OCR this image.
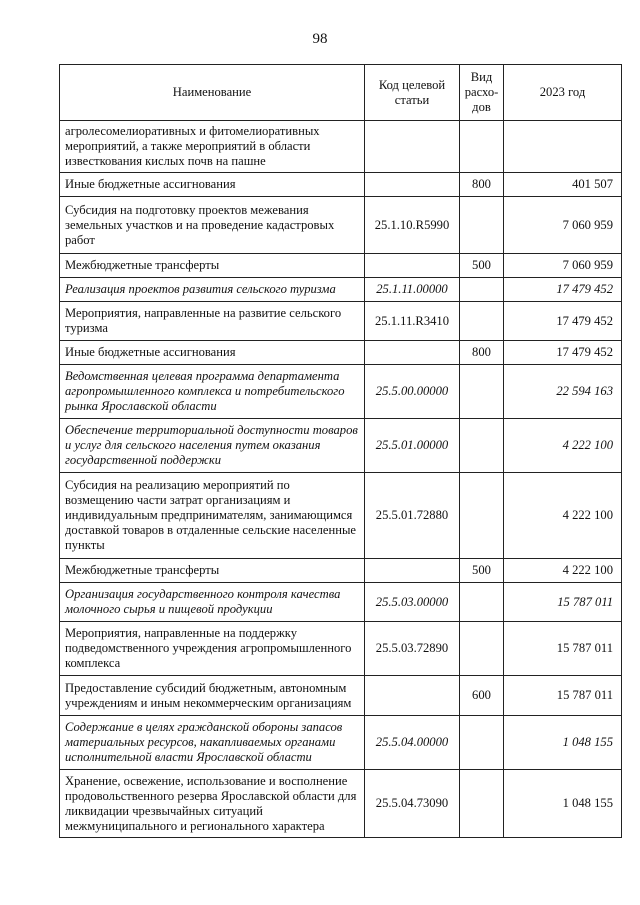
98
Наименование	Код целевой статьи	Вид расхо-дов	2023 год
агролесомелиоративных и фитомелиоративных мероприятий, а также мероприятий в области известкования кислых почв на пашне			
Иные бюджетные ассигнования		800	401 507
Субсидия на подготовку проектов межевания земельных участков и на проведение кадастровых работ	25.1.10.R5990		7 060 959
Межбюджетные трансферты		500	7 060 959
Реализация проектов развития сельского туризма	25.1.11.00000		17 479 452
Мероприятия, направленные на развитие сельского туризма	25.1.11.R3410		17 479 452
Иные бюджетные ассигнования		800	17 479 452
Ведомственная целевая программа департамента агропромышленного комплекса и потребительского рынка Ярославской области	25.5.00.00000		22 594 163
Обеспечение территориальной доступности товаров и услуг для сельского населения путем оказания государственной поддержки	25.5.01.00000		4 222 100
Субсидия на реализацию мероприятий по возмещению части затрат организациям и индивидуальным предпринимателям, занимающимся доставкой товаров в отдаленные сельские населенные пункты	25.5.01.72880		4 222 100
Межбюджетные трансферты		500	4 222 100
Организация государственного контроля качества молочного сырья и пищевой продукции	25.5.03.00000		15 787 011
Мероприятия, направленные на поддержку подведомственного учреждения агропромышленного комплекса	25.5.03.72890		15 787 011
Предоставление субсидий бюджетным, автономным учреждениям и иным некоммерческим организациям		600	15 787 011
Содержание в целях гражданской обороны запасов материальных ресурсов, накапливаемых органами исполнительной власти Ярославской области	25.5.04.00000		1 048 155
Хранение, освежение, использование и восполнение продовольственного резерва Ярославской области для ликвидации чрезвычайных ситуаций межмуниципального и регионального характера	25.5.04.73090		1 048 155
